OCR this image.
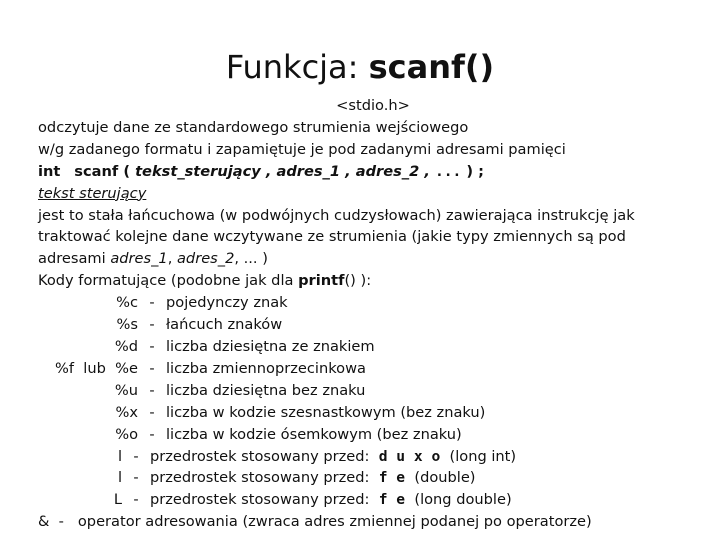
Funkcja: scanf()
<stdio.h>
odczytuje dane ze standardowego strumienia wejściowego
w/g zadanego formatu i zapamiętuje je pod zadanymi adresami pamięci
int scanf ( tekst_sterujący , adres_1 , adres_2 , ... ) ;
tekst sterujący
jest to stała łańcuchowa (w podwójnych cudzysłowach) zawierająca instrukcję jak
traktować kolejne dane wczytywane ze strumienia (jakie typy zmiennych są pod
adresami adres_1, adres_2, ... )
Kody formatujące (podobne jak dla printf() ):
%c - pojedynczy znak
%s - łańcuch znaków
%d - liczba dziesiętna ze znakiem
%f  lub  %e - liczba zmiennoprzecinkowa
%u - liczba dziesiętna bez znaku
%x - liczba w kodzie szesnastkowym (bez znaku)
%o - liczba w kodzie ósemkowym (bez znaku)
l - przedrostek stosowany przed:
d u x o
(long int)
l - przedrostek stosowany przed:
f e
(double)
L - przedrostek stosowany przed:
f e
(long double)
& - operator adresowania (zwraca adres zmiennej podanej po operatorze)
